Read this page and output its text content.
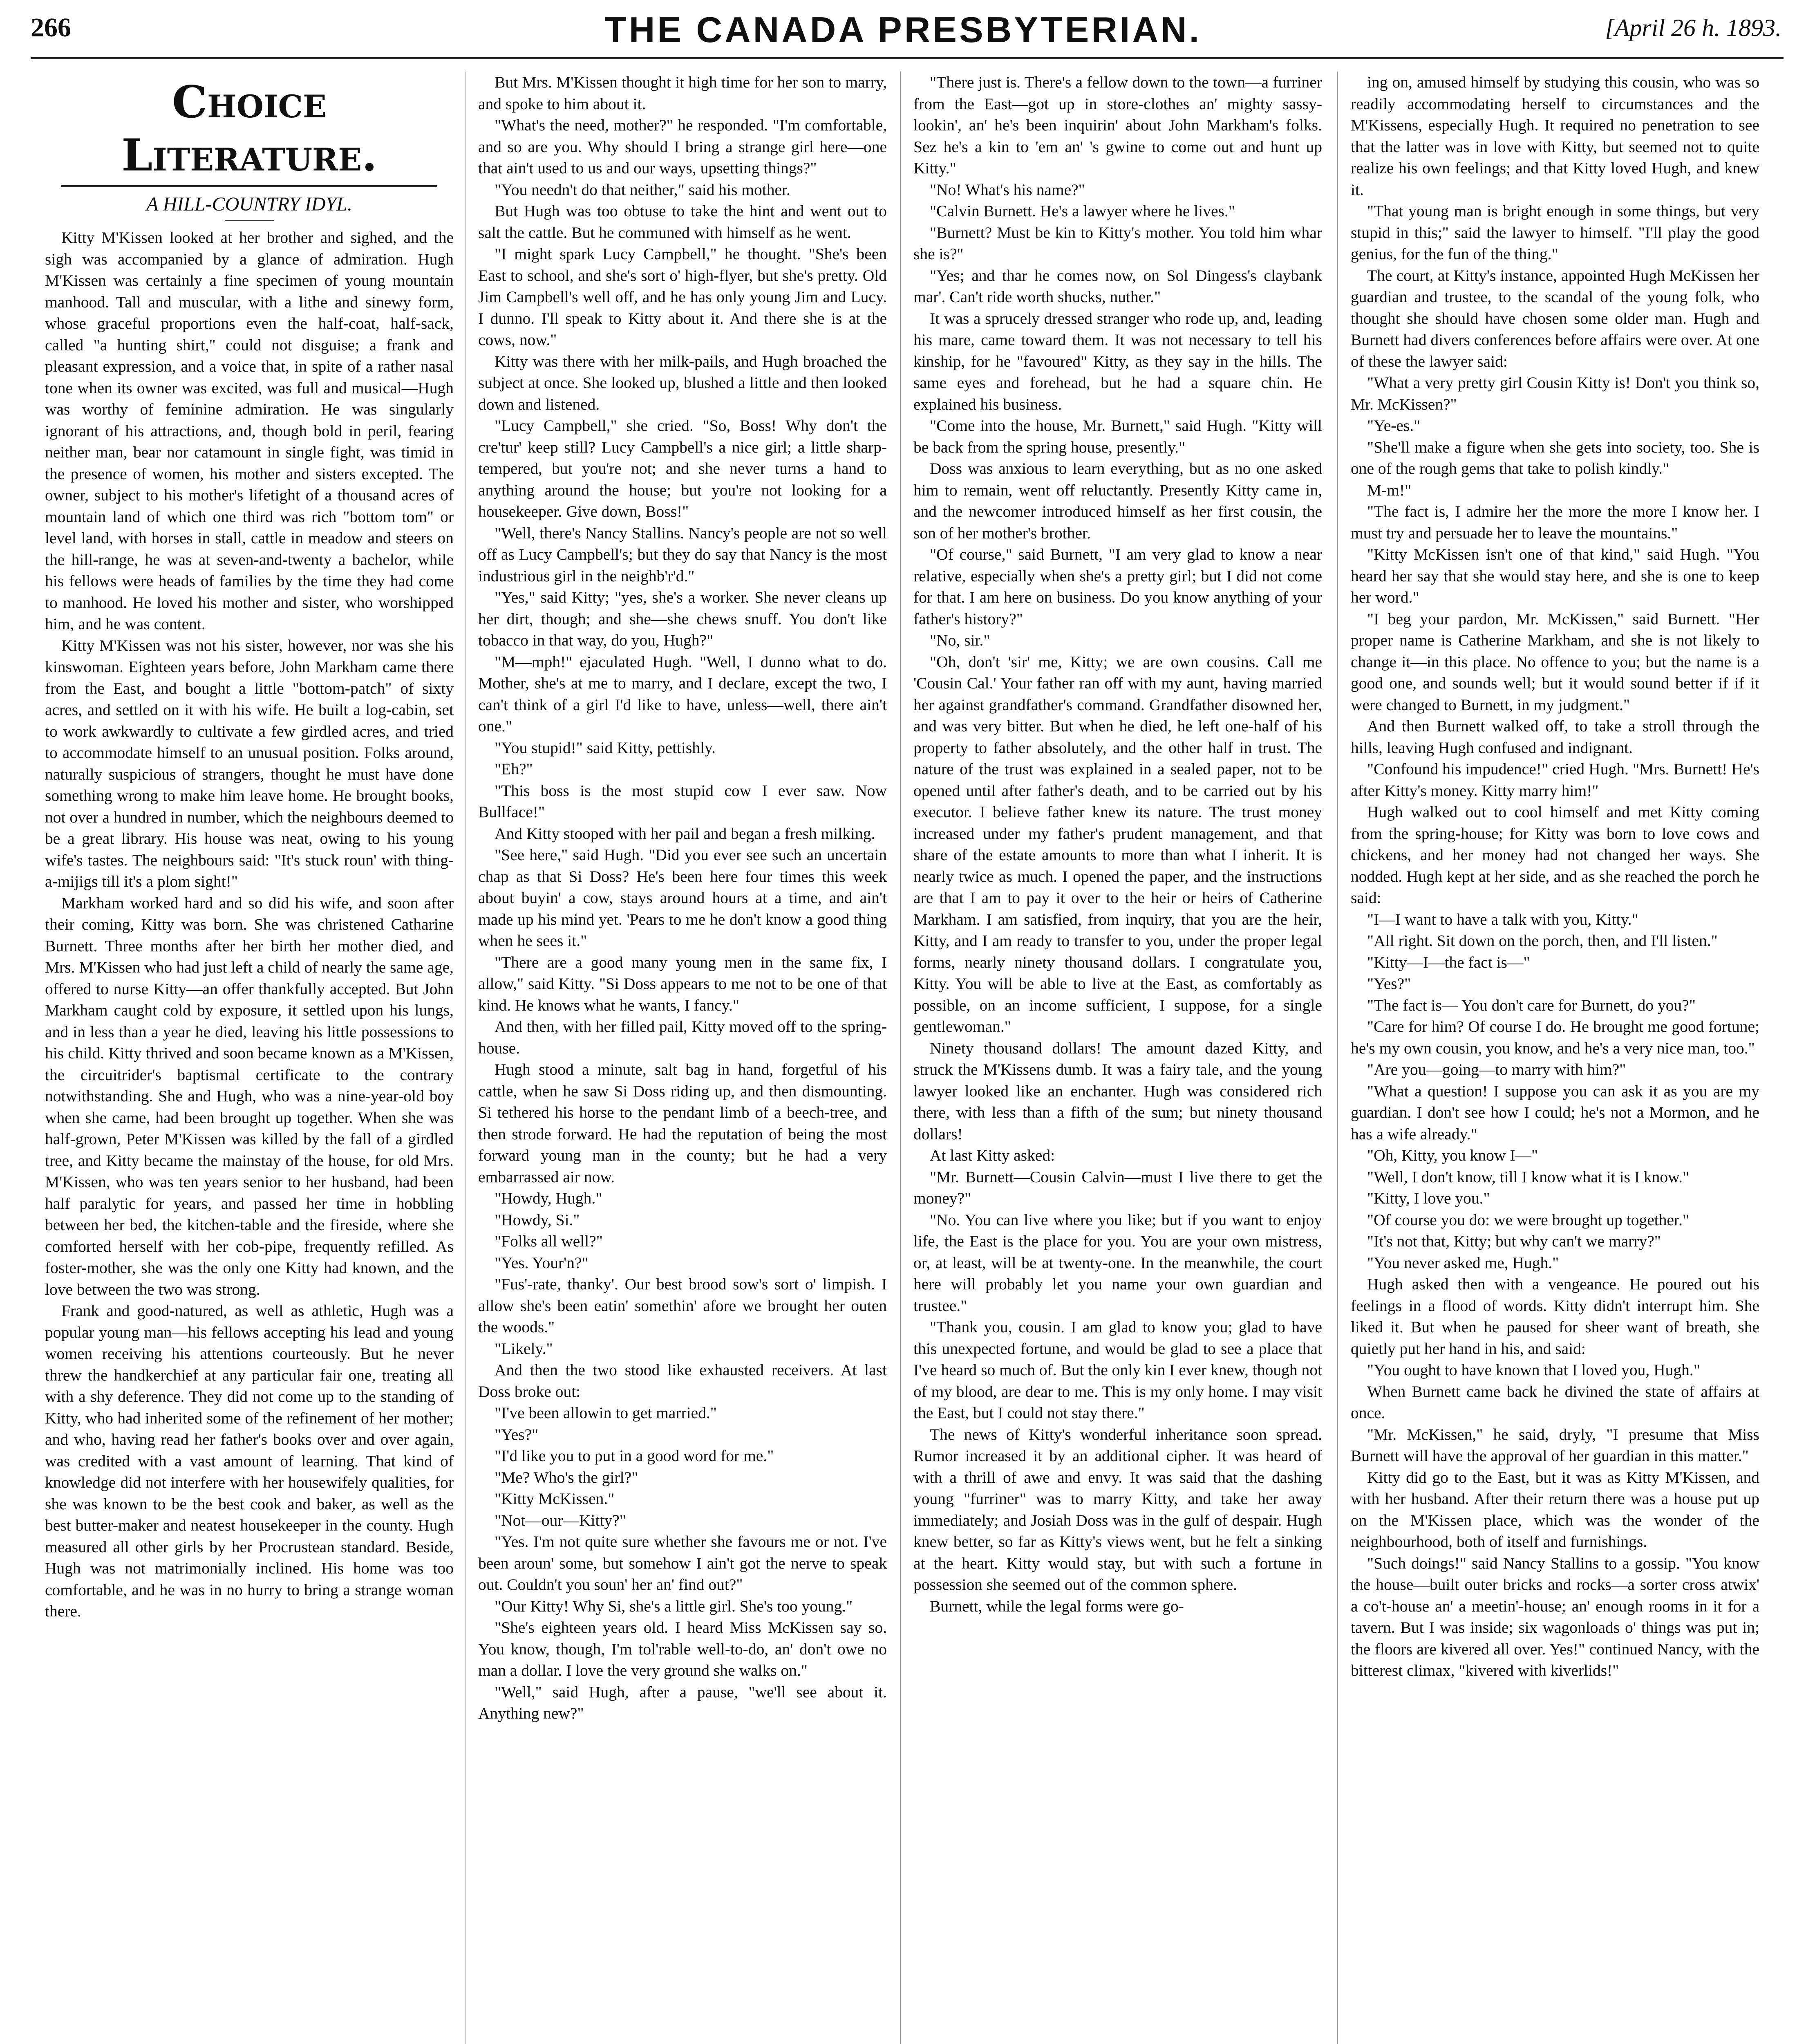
266	THE CANADA PRESBYTERIAN.	[April 26 h. 1893.
Choice Literature.
A HILL-COUNTRY IDYL.

Kitty M'Kissen looked at her brother and sighed, and the sigh was accompanied by a glance of admiration. Hugh M'Kissen was certainly a fine specimen of young mountain manhood. Tall and muscular, with a lithe and sinewy form, whose graceful proportions even the half-coat, half-sack, called "a hunting shirt," could not disguise; a frank and pleasant expression, and a voice that, in spite of a rather nasal tone when its owner was excited, was full and musical—Hugh was worthy of feminine admiration. He was singularly ignorant of his attractions, and, though bold in peril, fearing neither man, bear nor catamount in single fight, was timid in the presence of women, his mother and sisters excepted. The owner, subject to his mother's lifetight of a thousand acres of mountain land of which one third was rich "bottom tom" or level land, with horses in stall, cattle in meadow and steers on the hill-range, he was at seven-and-twenty a bachelor, while his fellows were heads of families by the time they had come to manhood. He loved his mother and sister, who worshipped him, and he was content.

Kitty M'Kissen was not his sister, however, nor was she his kinswoman. Eighteen years before, John Markham came there from the East, and bought a little "bottom-patch" of sixty acres, and settled on it with his wife. He built a log-cabin, set to work awkwardly to cultivate a few girdled acres, and tried to accommodate himself to an unusual position. Folks around, naturally suspicious of strangers, thought he must have done something wrong to make him leave home. He brought books, not over a hundred in number, which the neighbours deemed to be a great library. His house was neat, owing to his young wife's tastes. The neighbours said: "It's stuck roun' with thing-a-mijigs till it's a plom sight!"

Markham worked hard and so did his wife, and soon after their coming, Kitty was born. She was christened Catharine Burnett. Three months after her birth her mother died, and Mrs. M'Kissen who had just left a child of nearly the same age, offered to nurse Kitty—an offer thankfully accepted. But John Markham caught cold by exposure, it settled upon his lungs, and in less than a year he died, leaving his little possessions to his child. Kitty thrived and soon became known as a M'Kissen, the circuitrider's baptismal certificate to the contrary notwithstanding. She and Hugh, who was a nine-year-old boy when she came, had been brought up together. When she was half-grown, Peter M'Kissen was killed by the fall of a girdled tree, and Kitty became the mainstay of the house, for old Mrs. M'Kissen, who was ten years senior to her husband, had been half paralytic for years, and passed her time in hobbling between her bed, the kitchen-table and the fireside, where she comforted herself with her cob-pipe, frequently refilled. As foster-mother, she was the only one Kitty had known, and the love between the two was strong.

Frank and good-natured, as well as athletic, Hugh was a popular young man—his fellows accepting his lead and young women receiving his attentions courteously. But he never threw the handkerchief at any particular fair one, treating all with a shy deference. They did not come up to the standing of Kitty, who had inherited some of the refinement of her mother; and who, having read her father's books over and over again, was credited with a vast amount of learning. That kind of knowledge did not interfere with her housewifely qualities, for she was known to be the best cook and baker, as well as the best butter-maker and neatest housekeeper in the county. Hugh measured all other girls by her Procrustean standard. Beside, Hugh was not matrimonially inclined. His home was too comfortable, and he was in no hurry to bring a strange woman there.

But Mrs. M'Kissen thought it high time for her son to marry, and spoke to him about it.

"What's the need, mother?" he responded. "I'm comfortable, and so are you. Why should I bring a strange girl here—one that ain't used to us and our ways, upsetting things?"

"You needn't do that neither," said his mother.

But Hugh was too obtuse to take the hint and went out to salt the cattle. But he communed with himself as he went.

"I might spark Lucy Campbell," he thought. "She's been East to school, and she's sort o' high-flyer, but she's pretty. Old Jim Campbell's well off, and he has only young Jim and Lucy. I dunno. I'll speak to Kitty about it. And there she is at the cows, now."

Kitty was there with her milk-pails, and Hugh broached the subject at once. She looked up, blushed a little and then looked down and listened.

"Lucy Campbell," she cried. "So, Boss! Why don't the cre'tur' keep still? Lucy Campbell's a nice girl; a little sharp-tempered, but you're not; and she never turns a hand to anything around the house; but you're not looking for a housekeeper. Give down, Boss!"

"Well, there's Nancy Stallins. Nancy's people are not so well off as Lucy Campbell's; but they do say that Nancy is the most industrious girl in the neighb'r'd."

"Yes," said Kitty; "yes, she's a worker. She never cleans up her dirt, though; and she—she chews snuff. You don't like tobacco in that way, do you, Hugh?"

"M—mph!" ejaculated Hugh. "Well, I dunno what to do. Mother, she's at me to marry, and I declare, except the two, I can't think of a girl I'd like to have, unless—well, there ain't one."

"You stupid!" said Kitty, pettishly.

"Eh?"

"This boss is the most stupid cow I ever saw. Now Bullface!"

And Kitty stooped with her pail and began a fresh milking.

"See here," said Hugh. "Did you ever see such an uncertain chap as that Si Doss? He's been here four times this week about buyin' a cow, stays around hours at a time, and ain't made up his mind yet. 'Pears to me he don't know a good thing when he sees it."

"There are a good many young men in the same fix, I allow," said Kitty. "Si Doss appears to me not to be one of that kind. He knows what he wants, I fancy."

And then, with her filled pail, Kitty moved off to the spring-house.

Hugh stood a minute, salt bag in hand, forgetful of his cattle, when he saw Si Doss riding up, and then dismounting. Si tethered his horse to the pendant limb of a beech-tree, and then strode forward. He had the reputation of being the most forward young man in the county; but he had a very embarrassed air now.

"Howdy, Hugh."

"Howdy, Si."

"Folks all well?"

"Yes. Your'n?"

"Fus'-rate, thanky'. Our best brood sow's sort o' limpish. I allow she's been eatin' somethin' afore we brought her outen the woods."

"Likely."

And then the two stood like exhausted receivers. At last Doss broke out:

"I've been allowin to get married."

"Yes?"

"I'd like you to put in a good word for me."

"Me? Who's the girl?"

"Kitty McKissen."

"Not—our—Kitty?"

"Yes. I'm not quite sure whether she favours me or not. I've been aroun' some, but somehow I ain't got the nerve to speak out. Couldn't you soun' her an' find out?"

"Our Kitty! Why Si, she's a little girl. She's too young."

"She's eighteen years old. I heard Miss McKissen say so. You know, though, I'm tol'rable well-to-do, an' don't owe no man a dollar. I love the very ground she walks on."

"Well," said Hugh, after a pause, "we'll see about it. Anything new?"

"There just is. There's a fellow down to the town—a furriner from the East—got up in store-clothes an' mighty sassy-lookin', an' he's been inquirin' about John Markham's folks. Sez he's a kin to 'em an' 's gwine to come out and hunt up Kitty."

"No! What's his name?"

"Calvin Burnett. He's a lawyer where he lives."

"Burnett? Must be kin to Kitty's mother. You told him whar she is?"

"Yes; and thar he comes now, on Sol Dingess's claybank mar'. Can't ride worth shucks, nuther."

It was a sprucely dressed stranger who rode up, and, leading his mare, came toward them. It was not necessary to tell his kinship, for he "favoured" Kitty, as they say in the hills. The same eyes and forehead, but he had a square chin. He explained his business.

"Come into the house, Mr. Burnett," said Hugh. "Kitty will be back from the spring house, presently."

Doss was anxious to learn everything, but as no one asked him to remain, went off reluctantly. Presently Kitty came in, and the newcomer introduced himself as her first cousin, the son of her mother's brother.

"Of course," said Burnett, "I am very glad to know a near relative, especially when she's a pretty girl; but I did not come for that. I am here on business. Do you know anything of your father's history?"

"No, sir."

"Oh, don't 'sir' me, Kitty; we are own cousins. Call me 'Cousin Cal.' Your father ran off with my aunt, having married her against grandfather's command. Grandfather disowned her, and was very bitter. But when he died, he left one-half of his property to father absolutely, and the other half in trust. The nature of the trust was explained in a sealed paper, not to be opened until after father's death, and to be carried out by his executor. I believe father knew its nature. The trust money increased under my father's prudent management, and that share of the estate amounts to more than what I inherit. It is nearly twice as much. I opened the paper, and the instructions are that I am to pay it over to the heir or heirs of Catherine Markham. I am satisfied, from inquiry, that you are the heir, Kitty, and I am ready to transfer to you, under the proper legal forms, nearly ninety thousand dollars. I congratulate you, Kitty. You will be able to live at the East, as comfortably as possible, on an income sufficient, I suppose, for a single gentlewoman."

Ninety thousand dollars! The amount dazed Kitty, and struck the M'Kissens dumb. It was a fairy tale, and the young lawyer looked like an enchanter. Hugh was considered rich there, with less than a fifth of the sum; but ninety thousand dollars!

At last Kitty asked:

"Mr. Burnett—Cousin Calvin—must I live there to get the money?"

"No. You can live where you like; but if you want to enjoy life, the East is the place for you. You are your own mistress, or, at least, will be at twenty-one. In the meanwhile, the court here will probably let you name your own guardian and trustee."

"Thank you, cousin. I am glad to know you; glad to have this unexpected fortune, and would be glad to see a place that I've heard so much of. But the only kin I ever knew, though not of my blood, are dear to me. This is my only home. I may visit the East, but I could not stay there."

The news of Kitty's wonderful inheritance soon spread. Rumor increased it by an additional cipher. It was heard of with a thrill of awe and envy. It was said that the dashing young "furriner" was to marry Kitty, and take her away immediately; and Josiah Doss was in the gulf of despair. Hugh knew better, so far as Kitty's views went, but he felt a sinking at the heart. Kitty would stay, but with such a fortune in possession she seemed out of the common sphere.

Burnett, while the legal forms were go-

ing on, amused himself by studying this cousin, who was so readily accommodating herself to circumstances and the M'Kissens, especially Hugh. It required no penetration to see that the latter was in love with Kitty, but seemed not to quite realize his own feelings; and that Kitty loved Hugh, and knew it.

"That young man is bright enough in some things, but very stupid in this;" said the lawyer to himself. "I'll play the good genius, for the fun of the thing."

The court, at Kitty's instance, appointed Hugh McKissen her guardian and trustee, to the scandal of the young folk, who thought she should have chosen some older man. Hugh and Burnett had divers conferences before affairs were over. At one of these the lawyer said:

"What a very pretty girl Cousin Kitty is! Don't you think so, Mr. McKissen?"

"Ye-es."

"She'll make a figure when she gets into society, too. She is one of the rough gems that take to polish kindly."

M-m!"

"The fact is, I admire her the more the more I know her. I must try and persuade her to leave the mountains."

"Kitty McKissen isn't one of that kind," said Hugh. "You heard her say that she would stay here, and she is one to keep her word."

"I beg your pardon, Mr. McKissen," said Burnett. "Her proper name is Catherine Markham, and she is not likely to change it—in this place. No offence to you; but the name is a good one, and sounds well; but it would sound better if if it were changed to Burnett, in my judgment."

And then Burnett walked off, to take a stroll through the hills, leaving Hugh confused and indignant.

"Confound his impudence!" cried Hugh. "Mrs. Burnett! He's after Kitty's money. Kitty marry him!"

Hugh walked out to cool himself and met Kitty coming from the spring-house; for Kitty was born to love cows and chickens, and her money had not changed her ways. She nodded. Hugh kept at her side, and as she reached the porch he said:

"I—I want to have a talk with you, Kitty."

"All right. Sit down on the porch, then, and I'll listen."

"Kitty—I—the fact is—"

"Yes?"

"The fact is— You don't care for Burnett, do you?"

"Care for him? Of course I do. He brought me good fortune; he's my own cousin, you know, and he's a very nice man, too."

"Are you—going—to marry with him?"

"What a question! I suppose you can ask it as you are my guardian. I don't see how I could; he's not a Mormon, and he has a wife already."

"Oh, Kitty, you know I—"

"Well, I don't know, till I know what it is I know."

"Kitty, I love you."

"Of course you do: we were brought up together."

"It's not that, Kitty; but why can't we marry?"

"You never asked me, Hugh."

Hugh asked then with a vengeance. He poured out his feelings in a flood of words. Kitty didn't interrupt him. She liked it. But when he paused for sheer want of breath, she quietly put her hand in his, and said:

"You ought to have known that I loved you, Hugh."

When Burnett came back he divined the state of affairs at once.

"Mr. McKissen," he said, dryly, "I presume that Miss Burnett will have the approval of her guardian in this matter."

Kitty did go to the East, but it was as Kitty M'Kissen, and with her husband. After their return there was a house put up on the M'Kissen place, which was the wonder of the neighbourhood, both of itself and furnishings.

"Such doings!" said Nancy Stallins to a gossip. "You know the house—built outer bricks and rocks—a sorter cross atwix' a co't-house an' a meetin'-house; an' enough rooms in it for a tavern. But I was inside; six wagonloads o' things was put in; the floors are kivered all over. Yes!" continued Nancy, with the bitterest climax, "kivered with kiverlids!"
